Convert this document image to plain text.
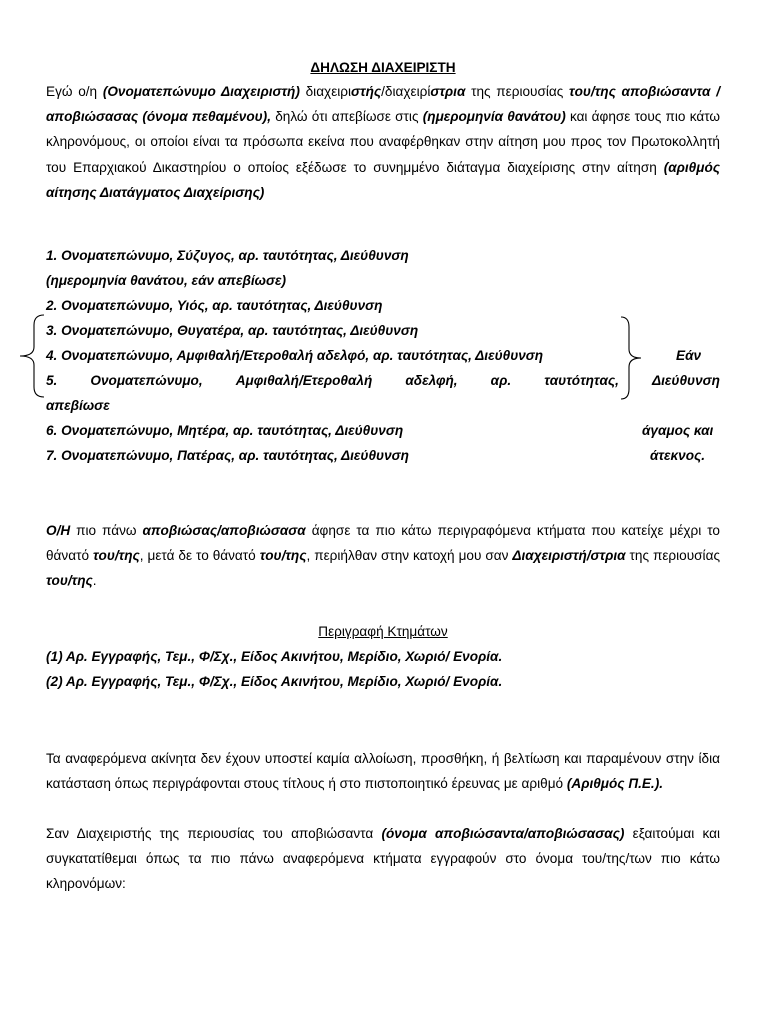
ΔΗΛΩΣΗ ΔΙΑΧΕΙΡΙΣΤΗ

Εγώ ο/η (Ονοματεπώνυμο Διαχειριστή) διαχειριστής/διαχειρίστρια της περιουσίας του/της αποβιώσαντα / αποβιώσασας (όνομα πεθαμένου), δηλώ ότι απεβίωσε στις (ημερομηνία θανάτου) και άφησε τους πιο κάτω κληρονόμους, οι οποίοι είναι τα πρόσωπα εκείνα που αναφέρθηκαν στην αίτηση μου προς τον Πρωτοκολλητή του Επαρχιακού Δικαστηρίου ο οποίος εξέδωσε το συνημμένο διάταγμα διαχείρισης στην αίτηση (αριθμός αίτησης Διατάγματος Διαχείρισης)

1. Ονοματεπώνυμο, Σύζυγος, αρ. ταυτότητας, Διεύθυνση
(ημερομηνία θανάτου, εάν απεβίωσε)
2. Ονοματεπώνυμο, Υιός, αρ. ταυτότητας, Διεύθυνση
3. Ονοματεπώνυμο, Θυγατέρα, αρ. ταυτότητας, Διεύθυνση
4. Ονοματεπώνυμο, Αμφιθαλή/Ετεροθαλή αδελφό, αρ. ταυτότητας, Διεύθυνση
5. Ονοματεπώνυμο, Αμφιθαλή/Ετεροθαλή αδελφή, αρ. ταυτότητας, Διεύθυνση
απεβίωσε
6. Ονοματεπώνυμο, Μητέρα, αρ. ταυτότητας, Διεύθυνση
7. Ονοματεπώνυμο, Πατέρας, αρ. ταυτότητας, Διεύθυνση
Εάν
άγαμος και
άτεκνος.

Ο/Η πιο πάνω αποβιώσας/αποβιώσασα άφησε τα πιο κάτω περιγραφόμενα κτήματα που κατείχε μέχρι το θάνατό του/της, μετά δε το θάνατό του/της, περιήλθαν στην κατοχή μου σαν Διαχειριστή/στρια της περιουσίας του/της.

Περιγραφή Κτημάτων
(1) Αρ. Εγγραφής, Τεμ., Φ/Σχ., Είδος Ακινήτου, Μερίδιο, Χωριό/ Ενορία.
(2) Αρ. Εγγραφής, Τεμ., Φ/Σχ., Είδος Ακινήτου, Μερίδιο, Χωριό/ Ενορία.

Τα αναφερόμενα ακίνητα δεν έχουν υποστεί καμία αλλοίωση, προσθήκη, ή βελτίωση και παραμένουν στην ίδια κατάσταση όπως περιγράφονται στους τίτλους ή στο πιστοποιητικό έρευνας με αριθμό (Αριθμός Π.Ε.).

Σαν Διαχειριστής της περιουσίας του αποβιώσαντα (όνομα αποβιώσαντα/αποβιώσασας) εξαιτούμαι και συγκατατίθεμαι όπως τα πιο πάνω αναφερόμενα κτήματα εγγραφούν στο όνομα του/της/των πιο κάτω κληρονόμων:
